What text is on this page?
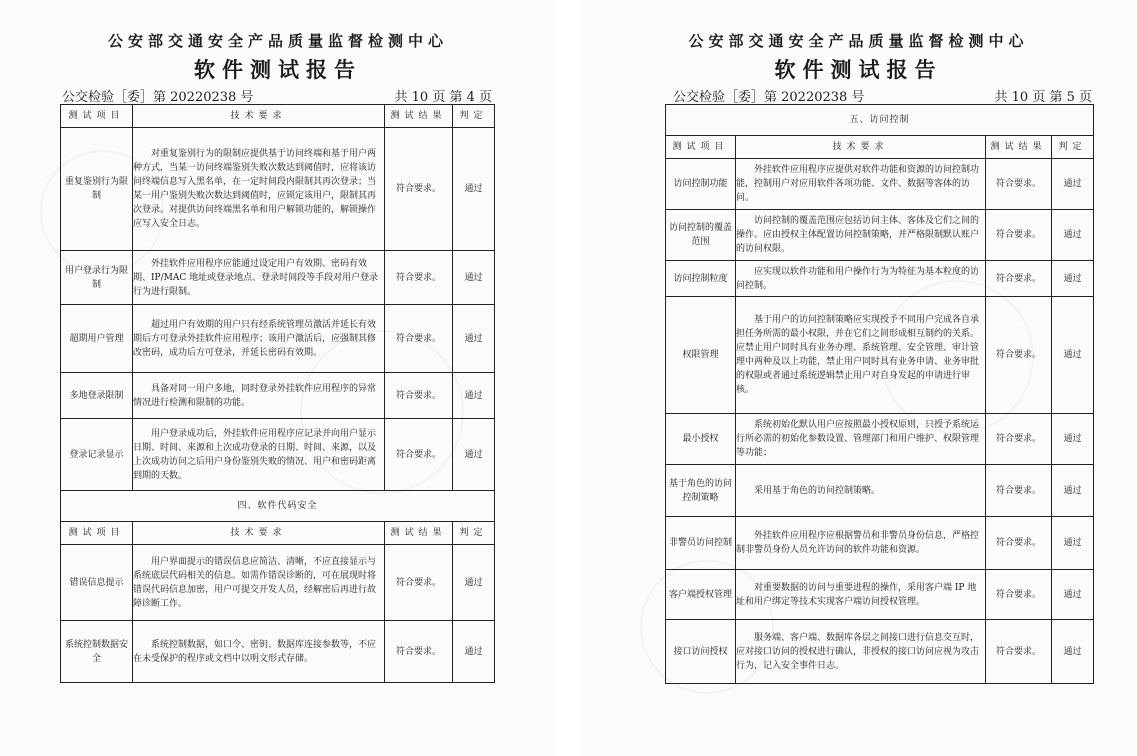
公安部交通安全产品质量监督检测中心
软件测试报告
公交检验［委］第 20220238 号	共 10 页 第 4 页
测试项目	技术要求	测试结果	判定
重复鉴别行为限制	对重复鉴别行为的限制应提供基于访问终端和基于用户两种方式，当某一访问终端鉴别失败次数达到阈值时，应将该访问终端信息写入黑名单，在一定时间段内限制其再次登录；当某一用户鉴别失败次数达到阈值时，应锁定该用户，限制其再次登录。对提供访问终端黑名单和用户解锁功能的，解锁操作应写入安全日志。	符合要求。	通过
用户登录行为限制	外挂软件应用程序应能通过设定用户有效期、密码有效期、IP/MAC 地址或登录地点、登录时间段等手段对用户登录行为进行限制。	符合要求。	通过
超期用户管理	超过用户有效期的用户只有经系统管理员激活并延长有效期后方可登录外挂软件应用程序；该用户激活后，应强制其修改密码，成功后方可登录，并延长密码有效期。	符合要求。	通过
多地登录限制	具备对同一用户多地，同时登录外挂软件应用程序的异常情况进行检测和限制的功能。	符合要求。	通过
登录记录显示	用户登录成功后，外挂软件应用程序应记录并向用户显示日期、时间、来源和上次成功登录的日期、时间、来源，以及上次成功访问之后用户身份鉴别失败的情况、用户和密码距离到期的天数。	符合要求。	通过
四、软件代码安全			
测试项目	技术要求	测试结果	判定
错误信息提示	用户界面提示的错误信息应简洁、清晰，不应直接显示与系统底层代码相关的信息。如需作错误诊断的，可在展现时将错误代码信息加密，用户可提交开发人员，经解密后再进行故障诊断工作。	符合要求。	通过
系统控制数据安全	系统控制数据，如口令、密钥、数据库连接参数等，不应在未受保护的程序或文档中以明文形式存储。	符合要求。	通过
公安部交通安全产品质量监督检测中心
软件测试报告
公交检验［委］第 20220238 号	共 10 页 第 5 页
五、访问控制			
测试项目	技术要求	测试结果	判定
访问控制功能	外挂软件应用程序应提供对软件功能和资源的访问控制功能，控制用户对应用软件各项功能、文件、数据等客体的访问。	符合要求。	通过
访问控制的覆盖范围	访问控制的覆盖范围应包括访问主体、客体及它们之间的操作。应由授权主体配置访问控制策略，并严格限制默认账户的访问权限。	符合要求。	通过
访问控制粒度	应实现以软件功能和用户操作行为为特征为基本粒度的访问控制。	符合要求。	通过
权限管理	基于用户的访问控制策略应实现授予不同用户完成各自承担任务所需的最小权限，并在它们之间形成相互制约的关系。应禁止用户同时具有业务办理、系统管理、安全管理、审计管理中两种及以上功能，禁止用户同时具有业务申请、业务审批的权限或者通过系统逻辑禁止用户对自身发起的申请进行审核。	符合要求。	通过
最小授权	系统初始化默认用户应按照最小授权原则，只授予系统运行所必需的初始化参数设置、管理部门和用户维护、权限管理等功能；	符合要求。	通过
基于角色的访问控制策略	采用基于角色的访问控制策略。	符合要求。	通过
非警员访问控制	外挂软件应用程序应根据警员和非警员身份信息，严格控制非警员身份人员允许访问的软件功能和资源。	符合要求。	通过
客户端授权管理	对重要数据的访问与重要进程的操作，采用客户端 IP 地址和用户绑定等技术实现客户端访问授权管理。	符合要求。	通过
接口访问授权	服务端、客户端、数据库各层之间接口进行信息交互时，应对接口访问的授权进行确认，非授权的接口访问应视为攻击行为，记入安全事件日志。	符合要求。	通过
